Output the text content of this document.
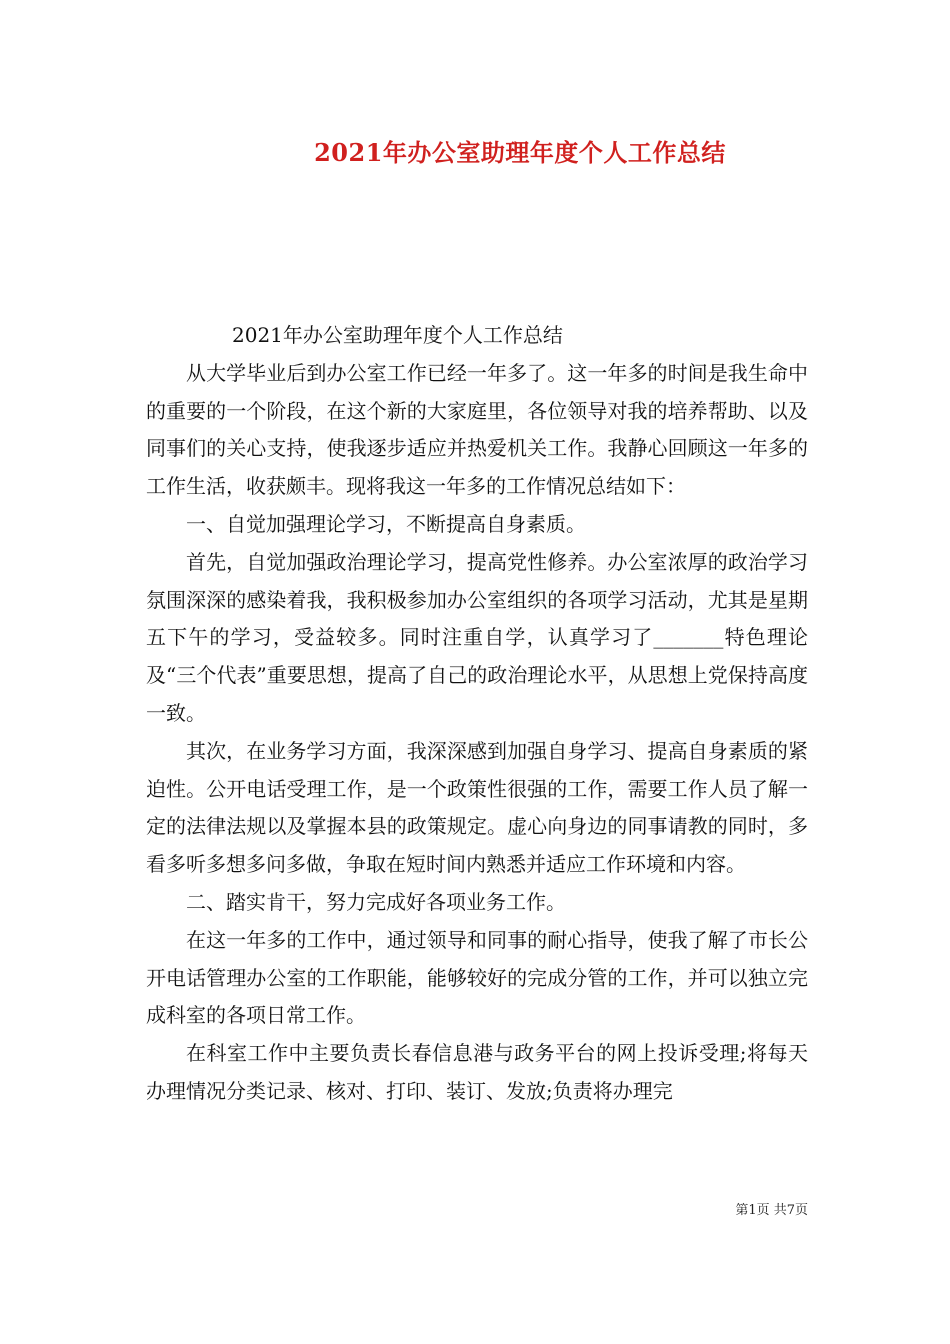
2021年办公室助理年度个人工作总结

2021年办公室助理年度个人工作总结

从大学毕业后到办公室工作已经一年多了。这一年多的时间是我生命中的重要的一个阶段，在这个新的大家庭里，各位领导对我的培养帮助、以及同事们的关心支持，使我逐步适应并热爱机关工作。我静心回顾这一年多的工作生活，收获颇丰。现将我这一年多的工作情况总结如下：

一、自觉加强理论学习，不断提高自身素质。

首先，自觉加强政治理论学习，提高党性修养。办公室浓厚的政治学习氛围深深的感染着我，我积极参加办公室组织的各项学习活动，尤其是星期五下午的学习，受益较多。同时注重自学，认真学习了_______特色理论及“三个代表”重要思想，提高了自己的政治理论水平，从思想上党保持高度一致。

其次，在业务学习方面，我深深感到加强自身学习、提高自身素质的紧迫性。公开电话受理工作，是一个政策性很强的工作，需要工作人员了解一定的法律法规以及掌握本县的政策规定。虚心向身边的同事请教的同时，多看多听多想多问多做，争取在短时间内熟悉并适应工作环境和内容。

二、踏实肯干，努力完成好各项业务工作。

在这一年多的工作中，通过领导和同事的耐心指导，使我了解了市长公开电话管理办公室的工作职能，能够较好的完成分管的工作，并可以独立完成科室的各项日常工作。

在科室工作中主要负责长春信息港与政务平台的网上投诉受理;将每天办理情况分类记录、核对、打印、装订、发放;负责将办理完

第1页 共7页
